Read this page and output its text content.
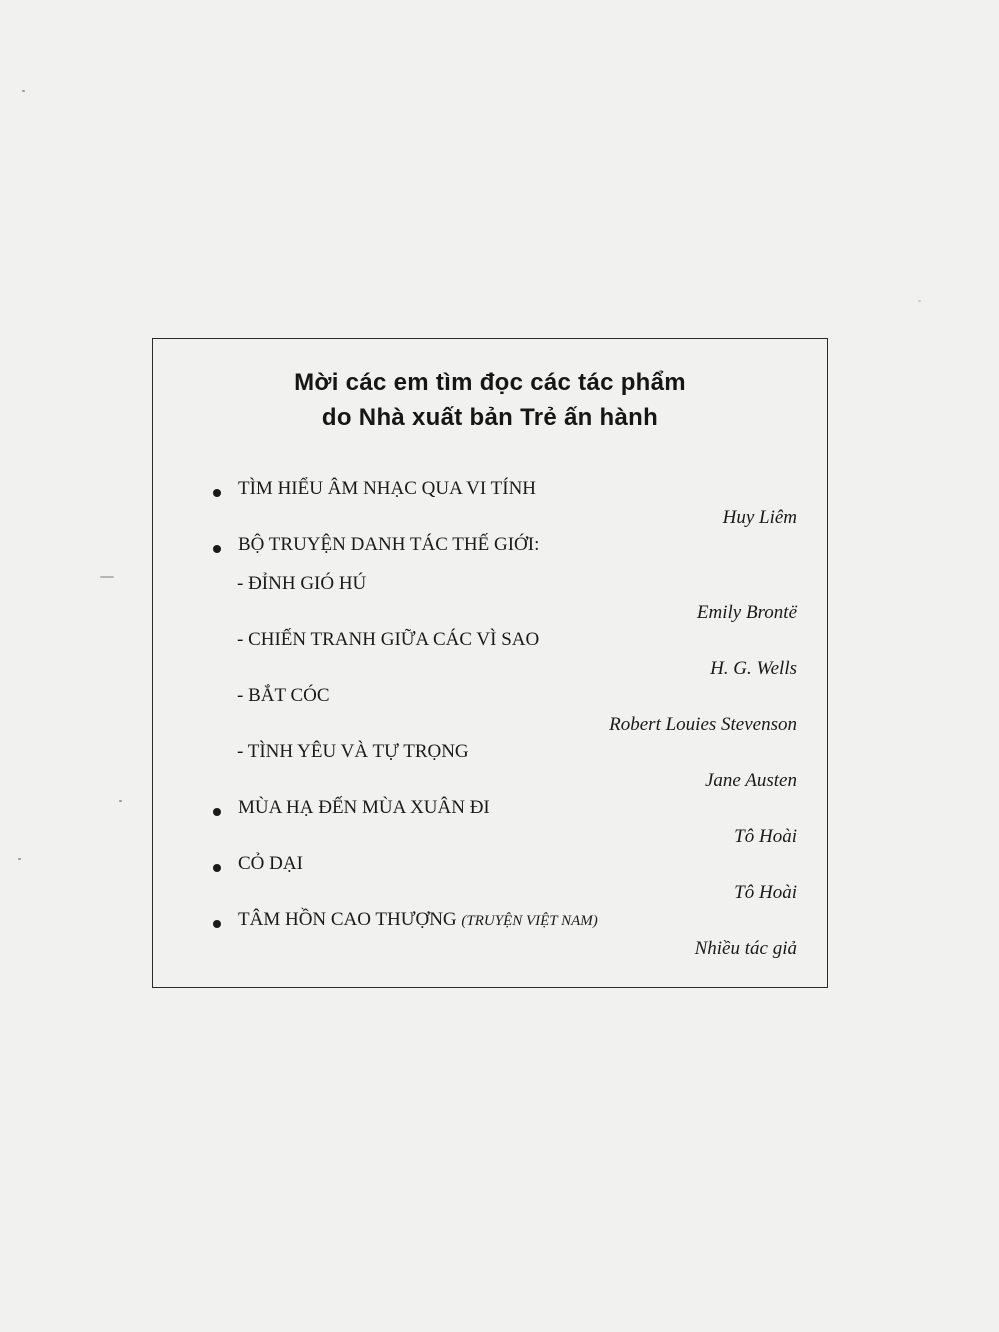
Mời các em tìm đọc các tác phẩm
do Nhà xuất bản Trẻ ấn hành
TÌM HIỂU ÂM NHẠC QUA VI TÍNH
Huy Liêm
BỘ TRUYỆN DANH TÁC THẾ GIỚI:
- ĐỈNH GIÓ HÚ
Emily Brontë
- CHIẾN TRANH GIỮA CÁC VÌ SAO
H. G. Wells
- BẮT CÓC
Robert Louies Stevenson
- TÌNH YÊU VÀ TỰ TRỌNG
Jane Austen
MÙA HẠ ĐẾN MÙA XUÂN ĐI
Tô Hoài
CỎ DẠI
Tô Hoài
TÂM HỒN CAO THƯỢNG (TRUYỆN VIỆT NAM)
Nhiều tác giả
